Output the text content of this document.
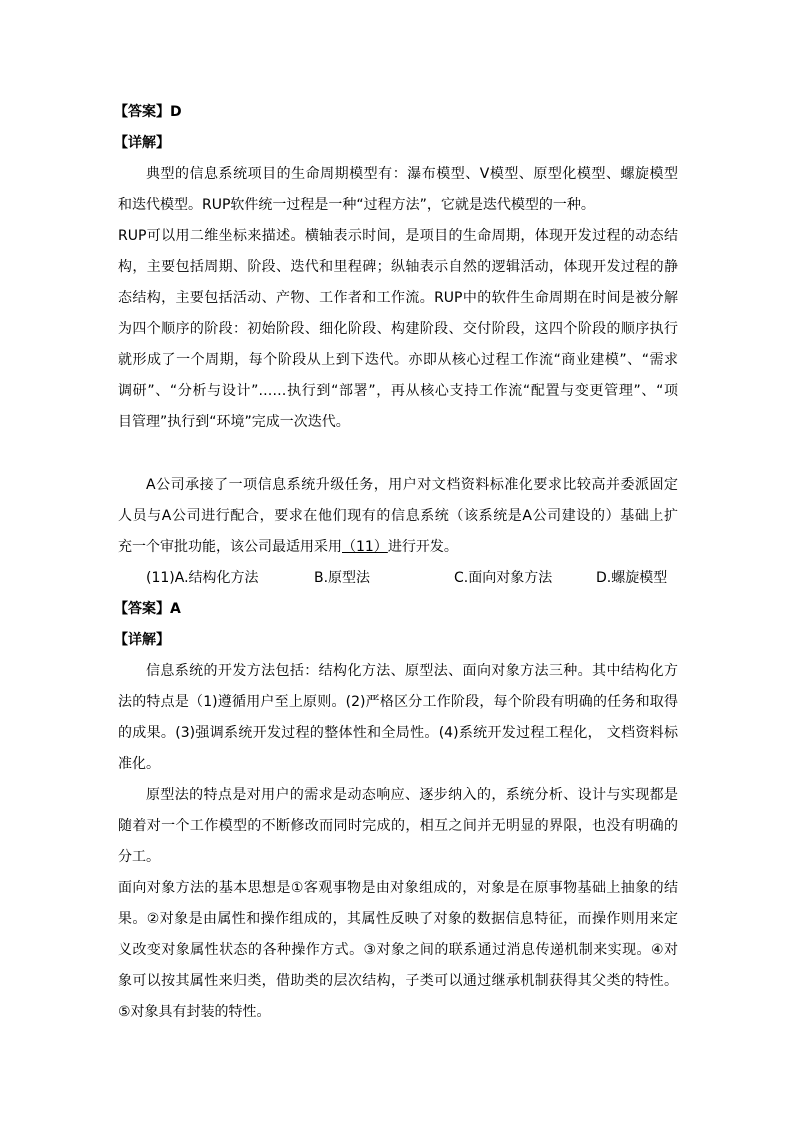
【答案】D
【详解】
典型的信息系统项目的生命周期模型有：瀑布模型、V模型、原型化模型、螺旋模型
和迭代模型。RUP软件统一过程是一种“过程方法”，它就是迭代模型的一种。
RUP可以用二维坐标来描述。横轴表示时间，是项目的生命周期，体现开发过程的动态结
构，主要包括周期、阶段、迭代和里程碑；纵轴表示自然的逻辑活动，体现开发过程的静
态结构，主要包括活动、产物、工作者和工作流。RUP中的软件生命周期在时间是被分解
为四个顺序的阶段：初始阶段、细化阶段、构建阶段、交付阶段，这四个阶段的顺序执行
就形成了一个周期，每个阶段从上到下迭代。亦即从核心过程工作流“商业建模”、“需求
调研”、“分析与设计”……执行到“部署”，再从核心支持工作流“配置与变更管理”、“项
目管理”执行到“环境”完成一次迭代。
A公司承接了一项信息系统升级任务，用户对文档资料标准化要求比较高并委派固定
人员与A公司进行配合，要求在他们现有的信息系统（该系统是A公司建设的）基础上扩
充一个审批功能，该公司最适用采用（11）进行开发。
(11)A.结构化方法	B.原型法	C.面向对象方法	D.螺旋模型
【答案】A
【详解】
信息系统的开发方法包括：结构化方法、原型法、面向对象方法三种。其中结构化方
法的特点是（1)遵循用户至上原则。(2)严格区分工作阶段，每个阶段有明确的任务和取得
的成果。(3)强调系统开发过程的整体性和全局性。(4)系统开发过程工程化， 文档资料标
准化。
原型法的特点是对用户的需求是动态响应、逐步纳入的，系统分析、设计与实现都是
随着对一个工作模型的不断修改而同时完成的，相互之间并无明显的界限，也没有明确的
分工。
面向对象方法的基本思想是①客观事物是由对象组成的，对象是在原事物基础上抽象的结
果。②对象是由属性和操作组成的，其属性反映了对象的数据信息特征，而操作则用来定
义改变对象属性状态的各种操作方式。③对象之间的联系通过消息传递机制来实现。④对
象可以按其属性来归类，借助类的层次结构，子类可以通过继承机制获得其父类的特性。
⑤对象具有封装的特性。
